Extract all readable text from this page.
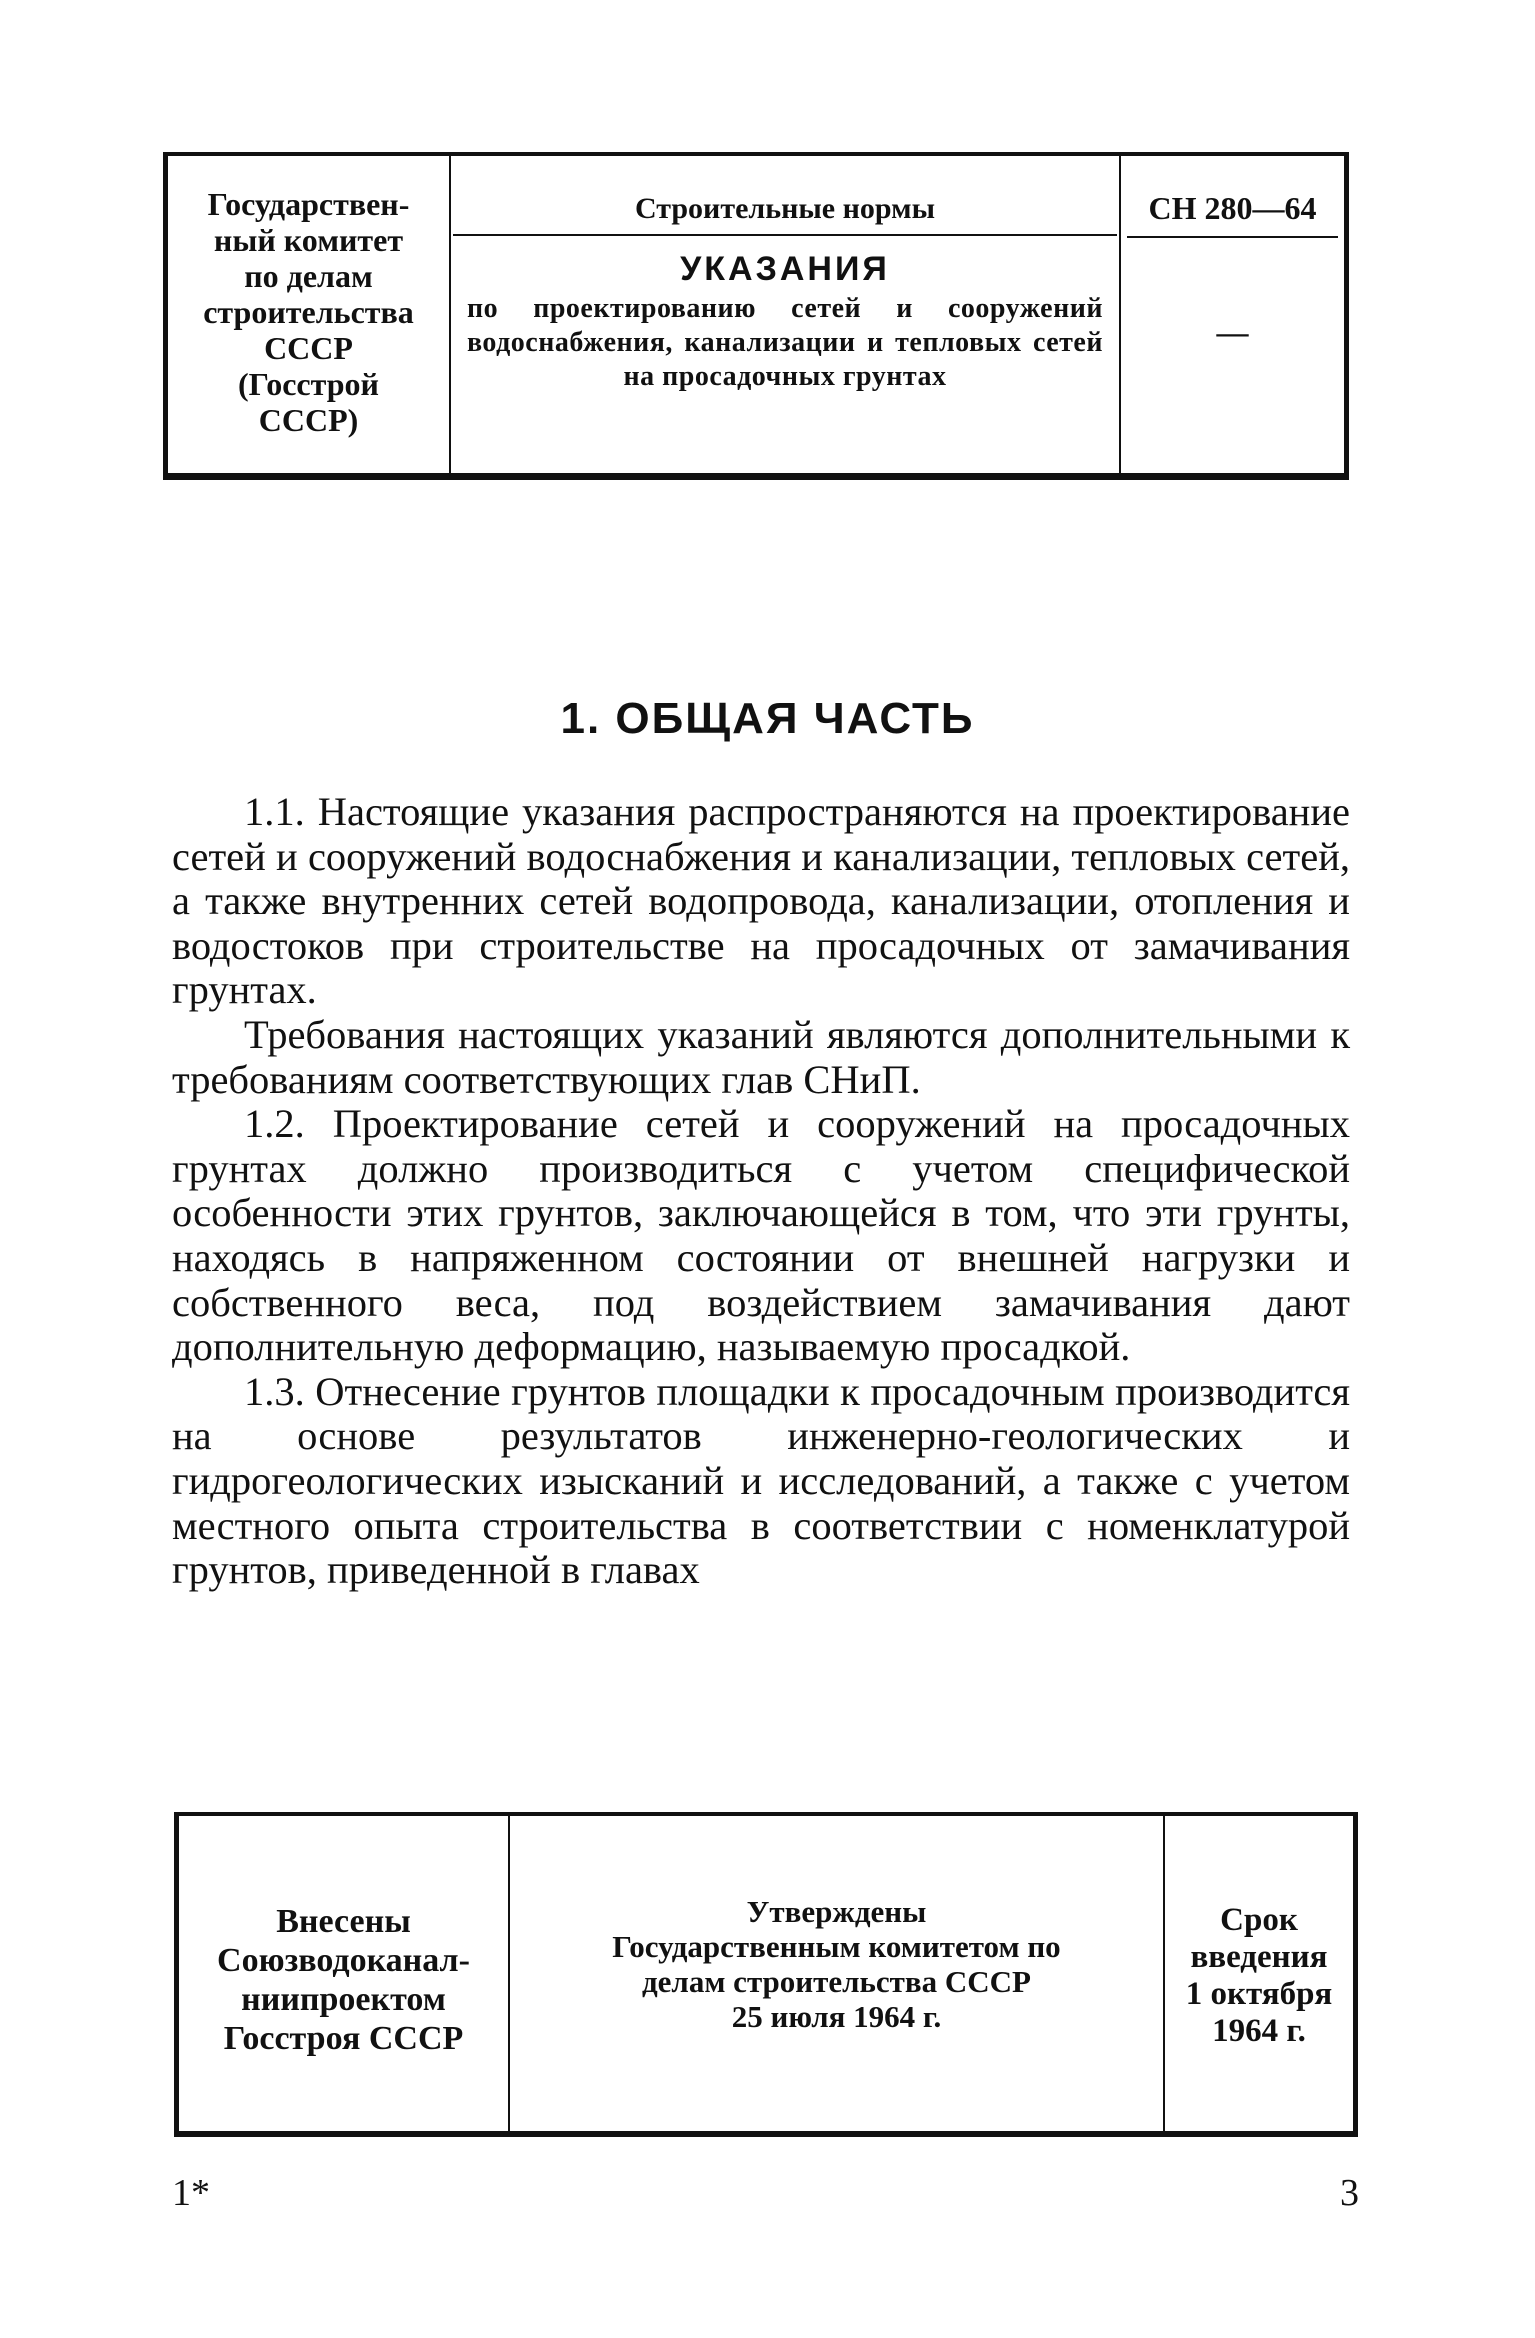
Государствен-
ный комитет
по делам
строительства
СССР
(Госстрой
СССР)
Строительные нормы
УКАЗАНИЯ
по проектированию сетей и сооружений водоснабжения, канализации и тепловых сетей на просадочных грунтах
СН 280—64
—
1. ОБЩАЯ ЧАСТЬ

1.1. Настоящие указания распространяются на проектирование сетей и сооружений водоснабжения и канализации, тепловых сетей, а также внутренних сетей водопровода, канализации, отопления и водостоков при строительстве на просадочных от замачивания грунтах.

Требования настоящих указаний являются дополнительными к требованиям соответствующих глав СНиП.

1.2. Проектирование сетей и сооружений на просадочных грунтах должно производиться с учетом специфической особенности этих грунтов, заключающейся в том, что эти грунты, находясь в напряженном состоянии от внешней нагрузки и собственного веса, под воздействием замачивания дают дополнительную деформацию, называемую просадкой.

1.3. Отнесение грунтов площадки к просадочным производится на основе результатов инженерно-геологических и гидрогеологических изысканий и исследований, а также с учетом местного опыта строительства в соответствии с номенклатурой грунтов, приведенной в главах

Внесены
Союзводоканал-
ниипроектом
Госстроя СССР
Утверждены
Государственным комитетом по
делам строительства СССР
25 июля 1964 г.
Срок
введения
1 октября
1964 г.
1*	3
